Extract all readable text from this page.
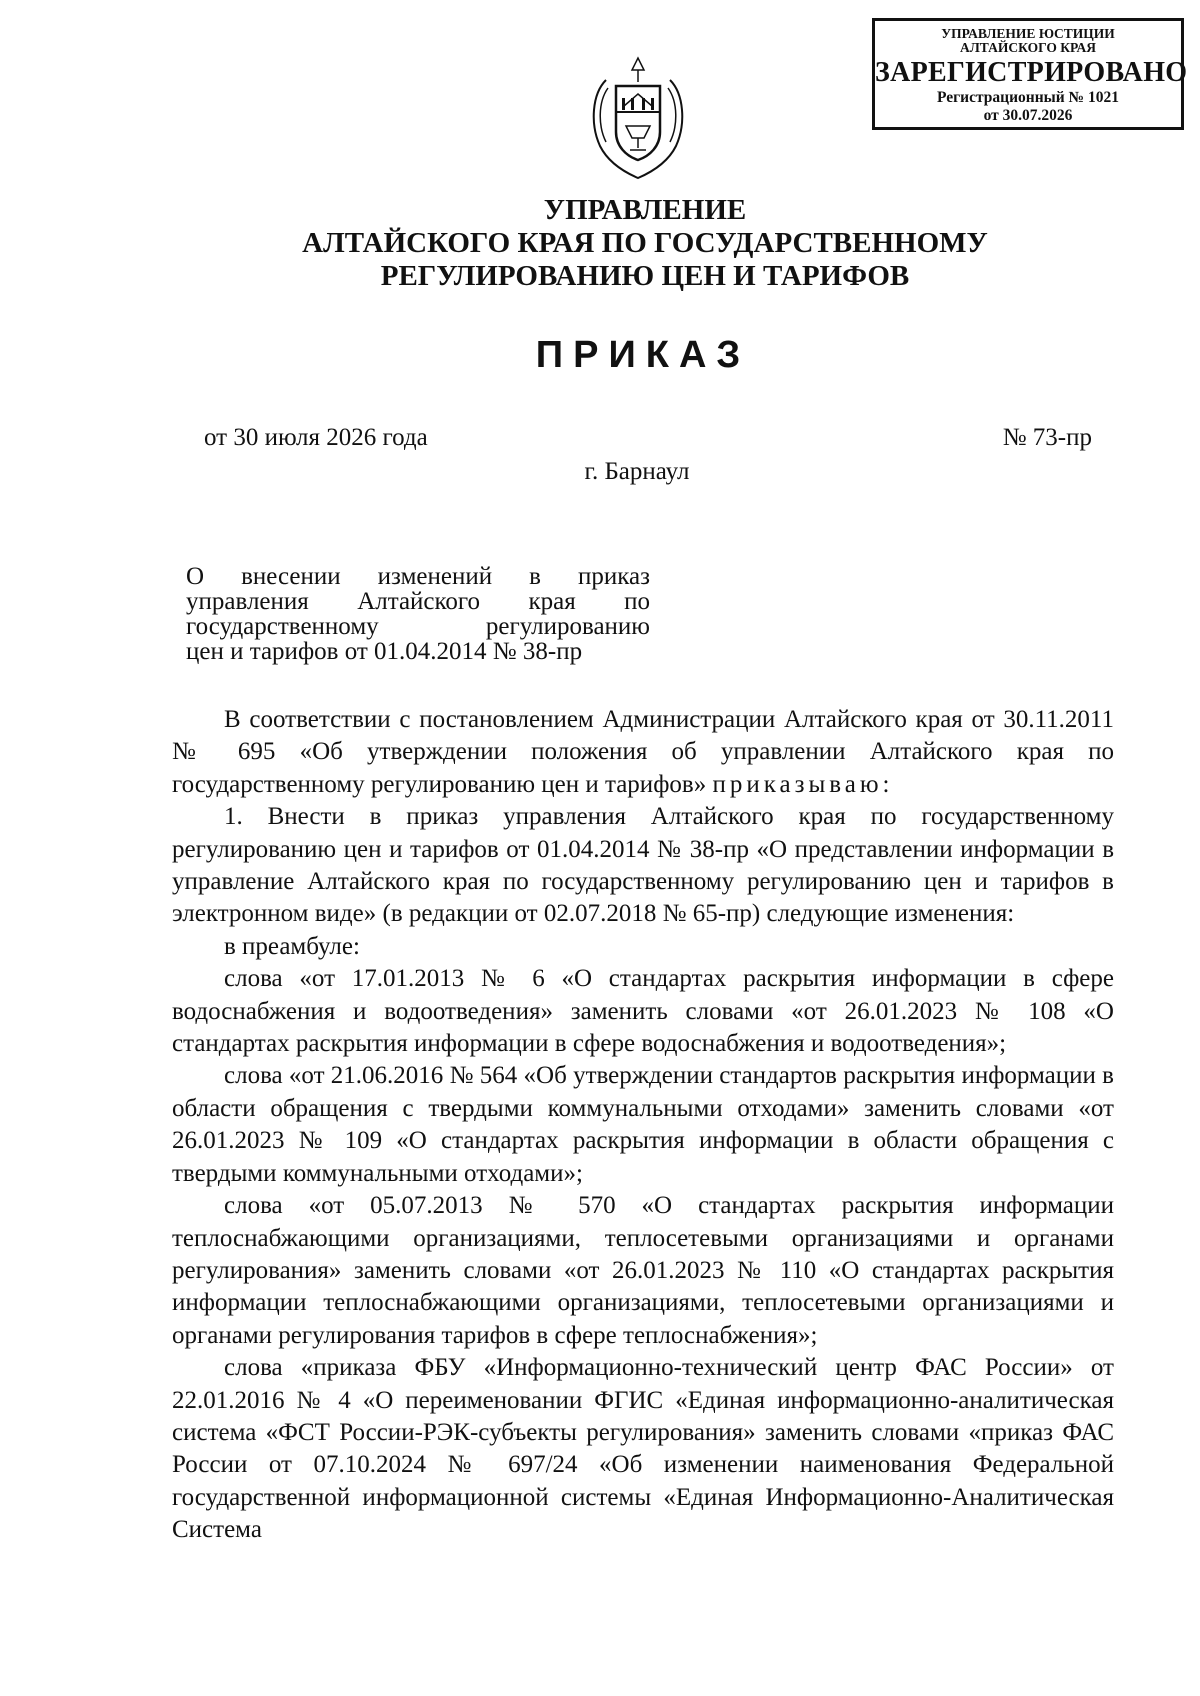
УПРАВЛЕНИЕ ЮСТИЦИИ
АЛТАЙСКОГО КРАЯ
ЗАРЕГИСТРИРОВАНО
Регистрационный № 1021
от 30.07.2026
УПРАВЛЕНИЕ
АЛТАЙСКОГО КРАЯ ПО ГОСУДАРСТВЕННОМУ
РЕГУЛИРОВАНИЮ ЦЕН И ТАРИФОВ
ПРИКАЗ
от 30 июля 2026 года	№ 73-пр
г. Барнаул
О внесении изменений в приказ
управления Алтайского края по
государственному регулированию
цен и тарифов от 01.04.2014 № 38-пр

В соответствии с постановлением Администрации Алтайского края от 30.11.2011 № 695 «Об утверждении положения об управлении Алтайского края по государственному регулированию цен и тарифов» приказываю:

1. Внести в приказ управления Алтайского края по государственному регулированию цен и тарифов от 01.04.2014 № 38-пр «О представлении информации в управление Алтайского края по государственному регулированию цен и тарифов в электронном виде» (в редакции от 02.07.2018 № 65-пр) следующие изменения:

в преамбуле:

слова «от 17.01.2013 № 6 «О стандартах раскрытия информации в сфере водоснабжения и водоотведения» заменить словами «от 26.01.2023 № 108 «О стандартах раскрытия информации в сфере водоснабжения и водоотведения»;

слова «от 21.06.2016 № 564 «Об утверждении стандартов раскрытия информации в области обращения с твердыми коммунальными отходами» заменить словами «от 26.01.2023 № 109 «О стандартах раскрытия информации в области обращения с твердыми коммунальными отходами»;

слова «от 05.07.2013 № 570 «О стандартах раскрытия информации теплоснабжающими организациями, теплосетевыми организациями и органами регулирования» заменить словами «от 26.01.2023 № 110 «О стандартах раскрытия информации теплоснабжающими организациями, теплосетевыми организациями и органами регулирования тарифов в сфере теплоснабжения»;

слова «приказа ФБУ «Информационно-технический центр ФАС России» от 22.01.2016 № 4 «О переименовании ФГИС «Единая информационно-аналитическая система «ФСТ России-РЭК-субъекты регулирования» заменить словами «приказ ФАС России от 07.10.2024 № 697/24 «Об изменении наименования Федеральной государственной информационной системы «Единая Информационно-Аналитическая Система
